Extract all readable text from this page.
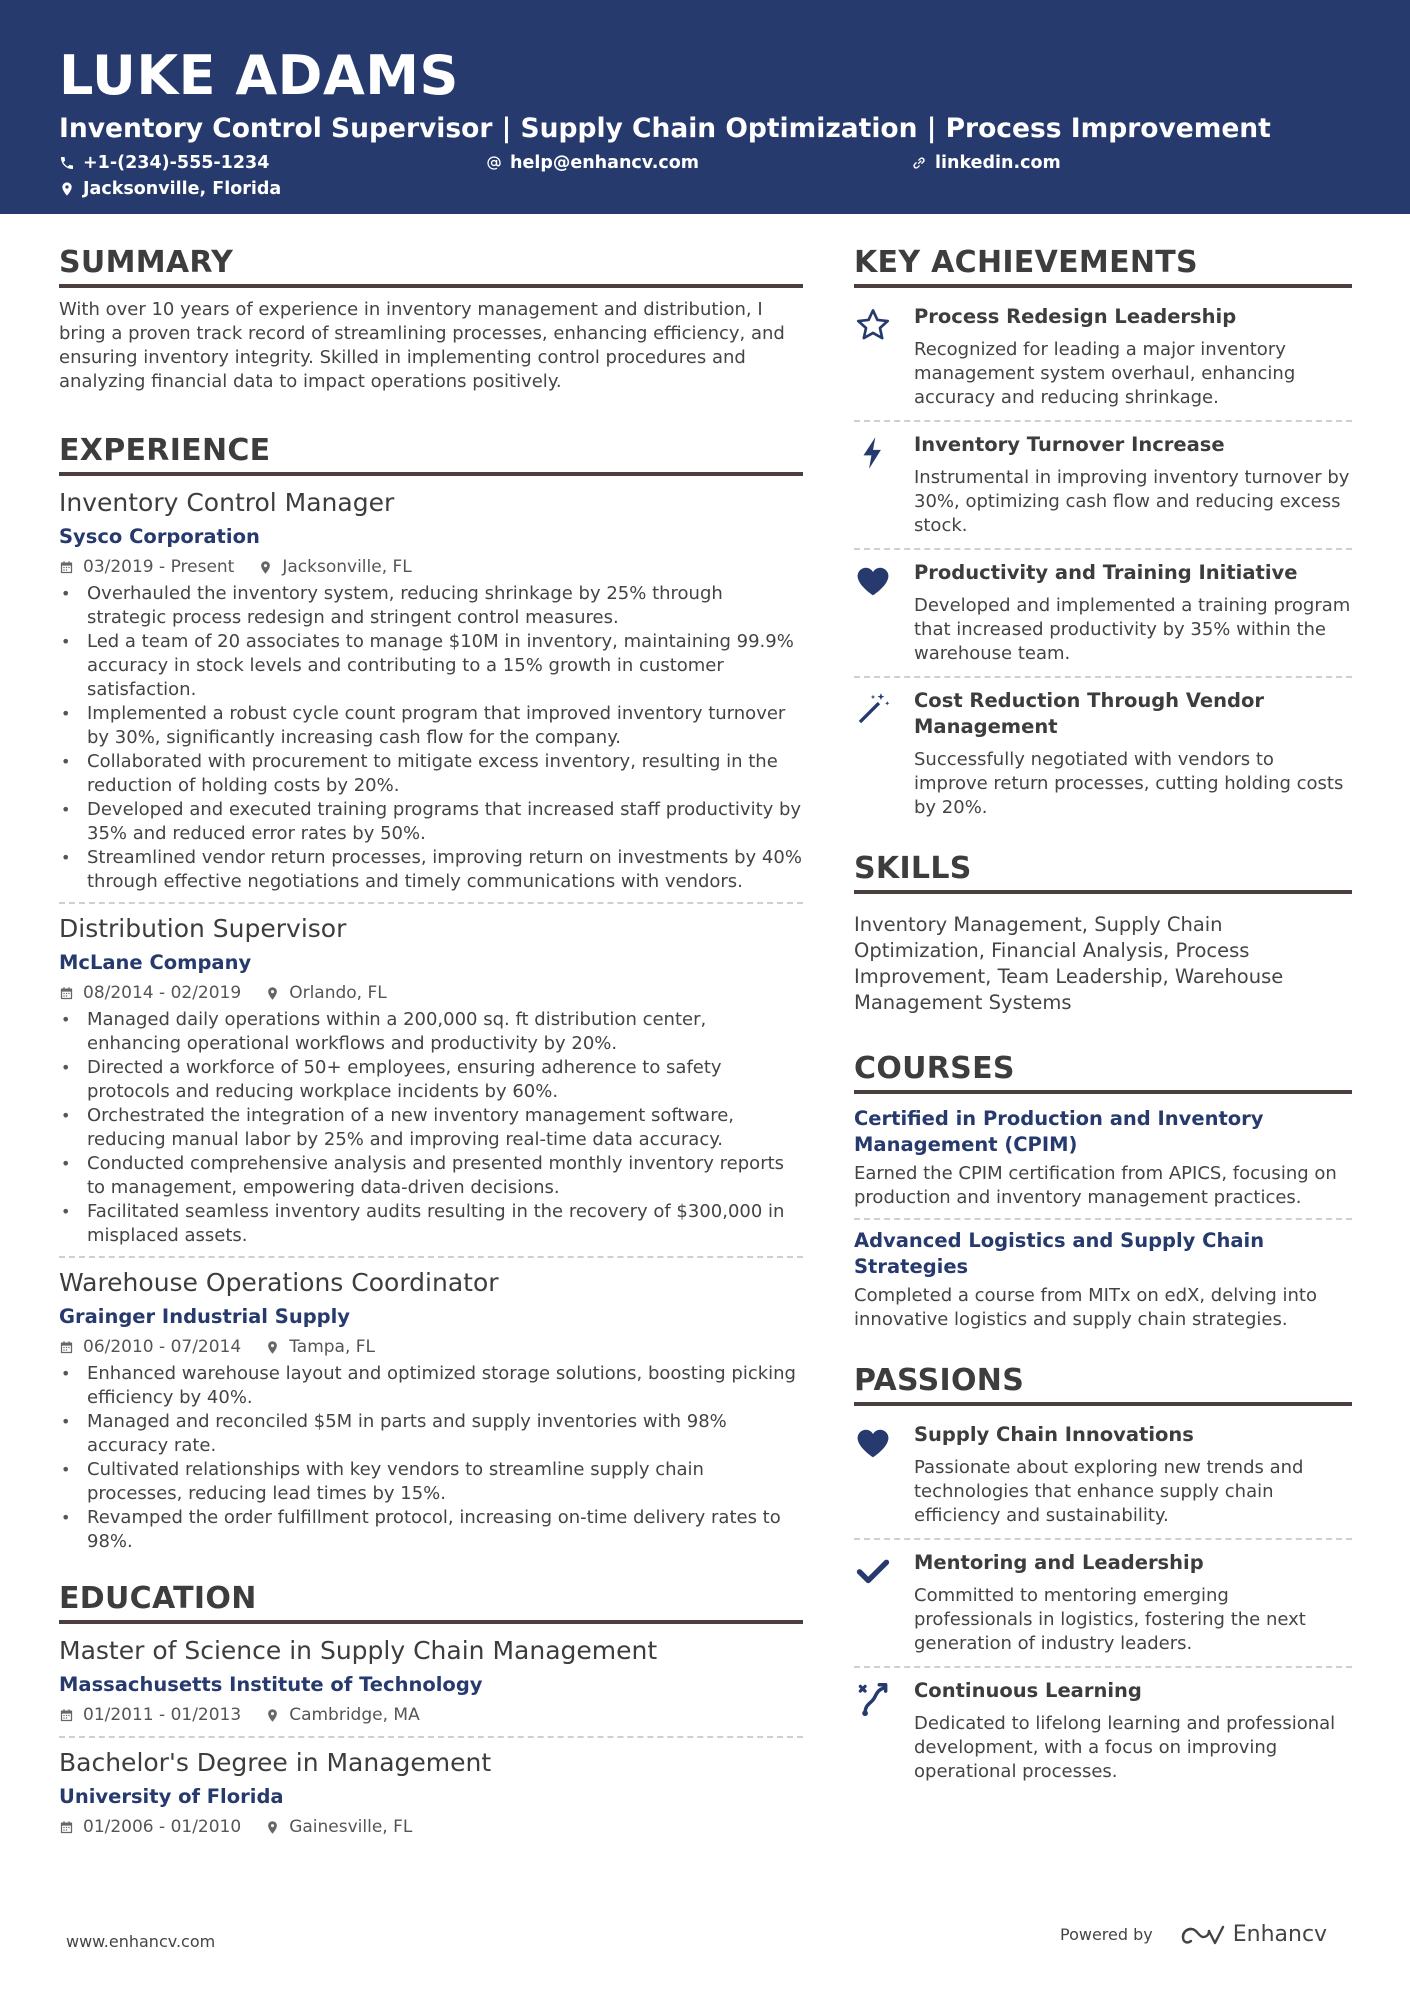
LUKE ADAMS
Inventory Control Supervisor | Supply Chain Optimization | Process Improvement
+1-(234)-555-1234	help@enhancv.com	linkedin.com
Jacksonville, Florida
SUMMARY
With over 10 years of experience in inventory management and distribution, I bring a proven track record of streamlining processes, enhancing efficiency, and ensuring inventory integrity. Skilled in implementing control procedures and analyzing financial data to impact operations positively.
EXPERIENCE
Inventory Control Manager
Sysco Corporation
03/2019 - Present	Jacksonville, FL
• Overhauled the inventory system, reducing shrinkage by 25% through strategic process redesign and stringent control measures.
• Led a team of 20 associates to manage $10M in inventory, maintaining 99.9% accuracy in stock levels and contributing to a 15% growth in customer satisfaction.
• Implemented a robust cycle count program that improved inventory turnover by 30%, significantly increasing cash flow for the company.
• Collaborated with procurement to mitigate excess inventory, resulting in the reduction of holding costs by 20%.
• Developed and executed training programs that increased staff productivity by 35% and reduced error rates by 50%.
• Streamlined vendor return processes, improving return on investments by 40% through effective negotiations and timely communications with vendors.
Distribution Supervisor
McLane Company
08/2014 - 02/2019	Orlando, FL
• Managed daily operations within a 200,000 sq. ft distribution center, enhancing operational workflows and productivity by 20%.
• Directed a workforce of 50+ employees, ensuring adherence to safety protocols and reducing workplace incidents by 60%.
• Orchestrated the integration of a new inventory management software, reducing manual labor by 25% and improving real-time data accuracy.
• Conducted comprehensive analysis and presented monthly inventory reports to management, empowering data-driven decisions.
• Facilitated seamless inventory audits resulting in the recovery of $300,000 in misplaced assets.
Warehouse Operations Coordinator
Grainger Industrial Supply
06/2010 - 07/2014	Tampa, FL
• Enhanced warehouse layout and optimized storage solutions, boosting picking efficiency by 40%.
• Managed and reconciled $5M in parts and supply inventories with 98% accuracy rate.
• Cultivated relationships with key vendors to streamline supply chain processes, reducing lead times by 15%.
• Revamped the order fulfillment protocol, increasing on-time delivery rates to 98%.
EDUCATION
Master of Science in Supply Chain Management
Massachusetts Institute of Technology
01/2011 - 01/2013	Cambridge, MA
Bachelor's Degree in Management
University of Florida
01/2006 - 01/2010	Gainesville, FL
KEY ACHIEVEMENTS
Process Redesign Leadership
Recognized for leading a major inventory management system overhaul, enhancing accuracy and reducing shrinkage.
Inventory Turnover Increase
Instrumental in improving inventory turnover by 30%, optimizing cash flow and reducing excess stock.
Productivity and Training Initiative
Developed and implemented a training program that increased productivity by 35% within the warehouse team.
Cost Reduction Through Vendor Management
Successfully negotiated with vendors to improve return processes, cutting holding costs by 20%.
SKILLS
Inventory Management, Supply Chain Optimization, Financial Analysis, Process Improvement, Team Leadership, Warehouse Management Systems
COURSES
Certified in Production and Inventory Management (CPIM)
Earned the CPIM certification from APICS, focusing on production and inventory management practices.
Advanced Logistics and Supply Chain Strategies
Completed a course from MITx on edX, delving into innovative logistics and supply chain strategies.
PASSIONS
Supply Chain Innovations
Passionate about exploring new trends and technologies that enhance supply chain efficiency and sustainability.
Mentoring and Leadership
Committed to mentoring emerging professionals in logistics, fostering the next generation of industry leaders.
Continuous Learning
Dedicated to lifelong learning and professional development, with a focus on improving operational processes.
www.enhancv.com	Powered by	Enhancv
